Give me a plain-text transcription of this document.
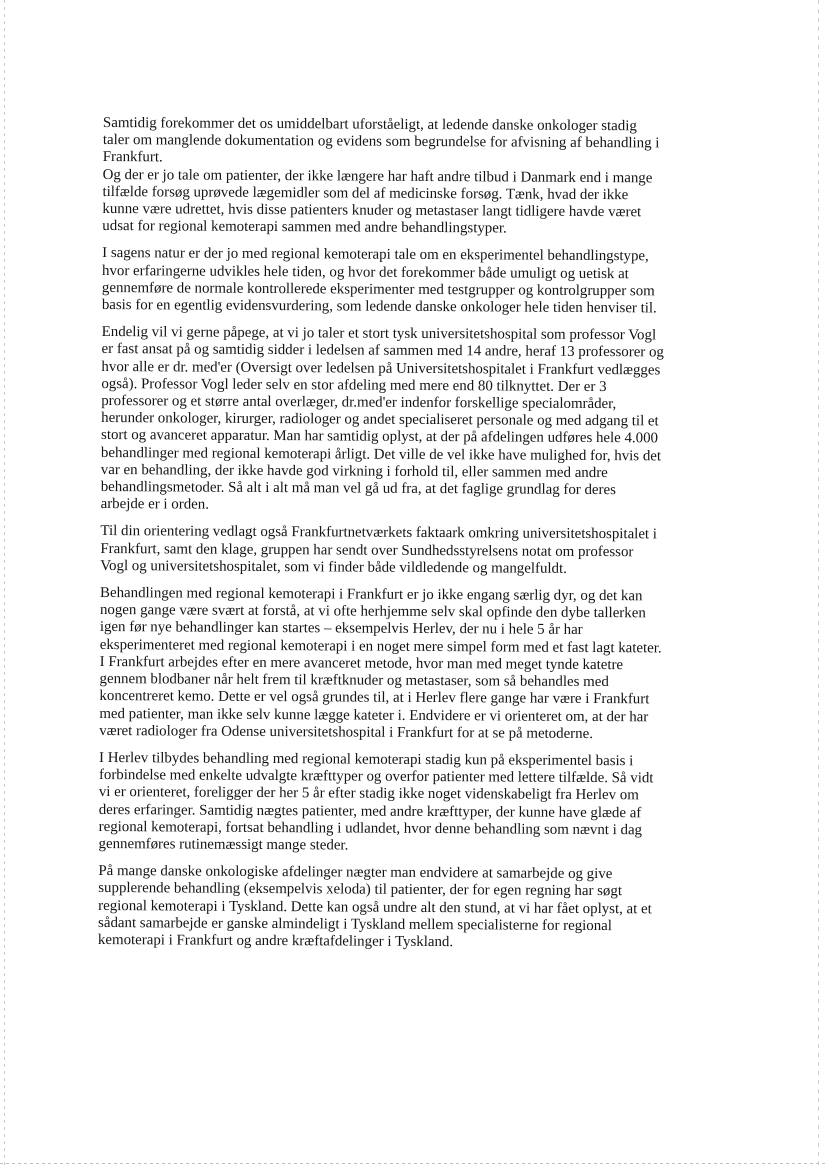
Samtidig forekommer det os umiddelbart uforståeligt, at ledende danske onkologer stadig
taler om manglende dokumentation og evidens som begrundelse for afvisning af behandling i
Frankfurt.
Og der er jo tale om patienter, der ikke længere har haft andre tilbud i Danmark end i mange
tilfælde forsøg uprøvede lægemidler som del af medicinske forsøg. Tænk, hvad der ikke
kunne være udrettet, hvis disse patienters knuder og metastaser langt tidligere havde været
udsat for regional kemoterapi sammen med andre behandlingstyper.
I sagens natur er der jo med regional kemoterapi tale om en eksperimentel behandlingstype,
hvor erfaringerne udvikles hele tiden, og hvor det forekommer både umuligt og uetisk at
gennemføre de normale kontrollerede eksperimenter med testgrupper og kontrolgrupper som
basis for en egentlig evidensvurdering, som ledende danske onkologer hele tiden henviser til.
Endelig vil vi gerne påpege, at vi jo taler et stort tysk universitetshospital som professor Vogl
er fast ansat på og samtidig sidder i ledelsen af sammen med 14 andre, heraf 13 professorer og
hvor alle er dr. med'er (Oversigt over ledelsen på Universitetshospitalet i Frankfurt vedlægges
også). Professor Vogl leder selv en stor afdeling med mere end 80 tilknyttet. Der er 3
professorer og et større antal overlæger, dr.med'er indenfor forskellige specialområder,
herunder onkologer, kirurger, radiologer og andet specialiseret personale og med adgang til et
stort og avanceret apparatur. Man har samtidig oplyst, at der på afdelingen udføres hele 4.000
behandlinger med regional kemoterapi årligt. Det ville de vel ikke have mulighed for, hvis det
var en behandling, der ikke havde god virkning i forhold til, eller sammen med andre
behandlingsmetoder. Så alt i alt må man vel gå ud fra, at det faglige grundlag for deres
arbejde er i orden.
Til din orientering vedlagt også Frankfurtnetværkets faktaark omkring universitetshospitalet i
Frankfurt, samt den klage, gruppen har sendt over Sundhedsstyrelsens notat om professor
Vogl og universitetshospitalet, som vi finder både vildledende og mangelfuldt.
Behandlingen med regional kemoterapi i Frankfurt er jo ikke engang særlig dyr, og det kan
nogen gange være svært at forstå, at vi ofte herhjemme selv skal opfinde den dybe tallerken
igen før nye behandlinger kan startes – eksempelvis Herlev, der nu i hele 5 år har
eksperimenteret med regional kemoterapi i en noget mere simpel form med et fast lagt kateter.
I Frankfurt arbejdes efter en mere avanceret metode, hvor man med meget tynde katetre
gennem blodbaner når helt frem til kræftknuder og metastaser, som så behandles med
koncentreret kemo. Dette er vel også grundes til, at i Herlev flere gange har være i Frankfurt
med patienter, man ikke selv kunne lægge kateter i. Endvidere er vi orienteret om, at der har
været radiologer fra Odense universitetshospital i Frankfurt for at se på metoderne.
I Herlev tilbydes behandling med regional kemoterapi stadig kun på eksperimentel basis i
forbindelse med enkelte udvalgte kræfttyper og overfor patienter med lettere tilfælde. Så vidt
vi er orienteret, foreligger der her 5 år efter stadig ikke noget videnskabeligt fra Herlev om
deres erfaringer. Samtidig nægtes patienter, med andre kræfttyper, der kunne have glæde af
regional kemoterapi, fortsat behandling i udlandet, hvor denne behandling som nævnt i dag
gennemføres rutinemæssigt mange steder.
På mange danske onkologiske afdelinger nægter man endvidere at samarbejde og give
supplerende behandling (eksempelvis xeloda) til patienter, der for egen regning har søgt
regional kemoterapi i Tyskland. Dette kan også undre alt den stund, at vi har fået oplyst, at et
sådant samarbejde er ganske almindeligt i Tyskland mellem specialisterne for regional
kemoterapi i Frankfurt og andre kræftafdelinger i Tyskland.
